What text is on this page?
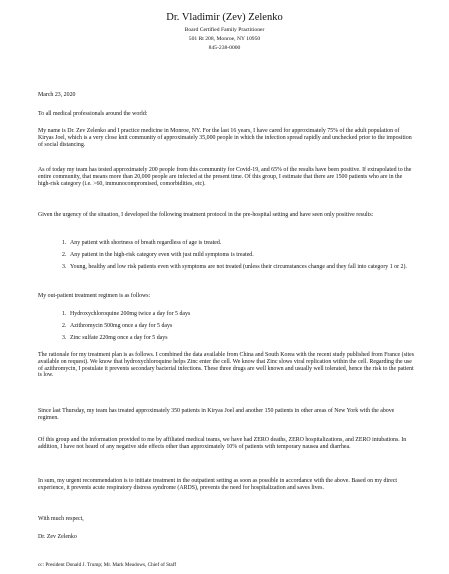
Dr. Vladimir (Zev) Zelenko
Board Certified Family Practitioner
501 Rt 208, Monroe, NY 10950
845-238-0000

March 23, 2020

To all medical professionals around the world:

My name is Dr. Zev Zelenko and I practice medicine in Monroe, NY. For the last 16 years, I have cared for approximately 75% of the adult population of Kiryas Joel, which is a very close knit community of approximately 35,000 people in which the infection spread rapidly and unchecked prior to the imposition of social distancing.

As of today my team has tested approximately 200 people from this community for Covid-19, and 65% of the results have been positive. If extrapolated to the entire community, that means more than 20,000 people are infected at the present time. Of this group, I estimate that there are 1500 patients who are in the high-risk category (i.e. >60, immunocompromised, comorbidities, etc).

Given the urgency of the situation, I developed the following treatment protocol in the pre-hospital setting and have seen only positive results:

1. Any patient with shortness of breath regardless of age is treated.
2. Any patient in the high-risk category even with just mild symptoms is treated.
3. Young, healthy and low risk patients even with symptoms are not treated (unless their circumstances change and they fall into category 1 or 2).

My out-patient treatment regimen is as follows:

1. Hydroxychloroquine 200mg twice a day for 5 days
2. Azithromycin 500mg once a day for 5 days
3. Zinc sulfate 220mg once a day for 5 days

The rationale for my treatment plan is as follows. I combined the data available from China and South Korea with the recent study published from France (sites available on request). We know that hydroxychloroquine helps Zinc enter the cell. We know that Zinc slows viral replication within the cell. Regarding the use of azithromycin, I postulate it prevents secondary bacterial infections. These three drugs are well known and usually well tolerated, hence the risk to the patient is low.

Since last Thursday, my team has treated approximately 350 patients in Kiryas Joel and another 150 patients in other areas of New York with the above regimen.

Of this group and the information provided to me by affiliated medical teams, we have had ZERO deaths, ZERO hospitalizations, and ZERO intubations. In addition, I have not heard of any negative side effects other than approximately 10% of patients with temporary nausea and diarrhea.

In sum, my urgent recommendation is to initiate treatment in the outpatient setting as soon as possible in accordance with the above. Based on my direct experience, it prevents acute respiratory distress syndrome (ARDS), prevents the need for hospitalization and saves lives.

With much respect,

Dr. Zev Zelenko

cc: President Donald J. Trump; Mr. Mark Meadows, Chief of Staff
